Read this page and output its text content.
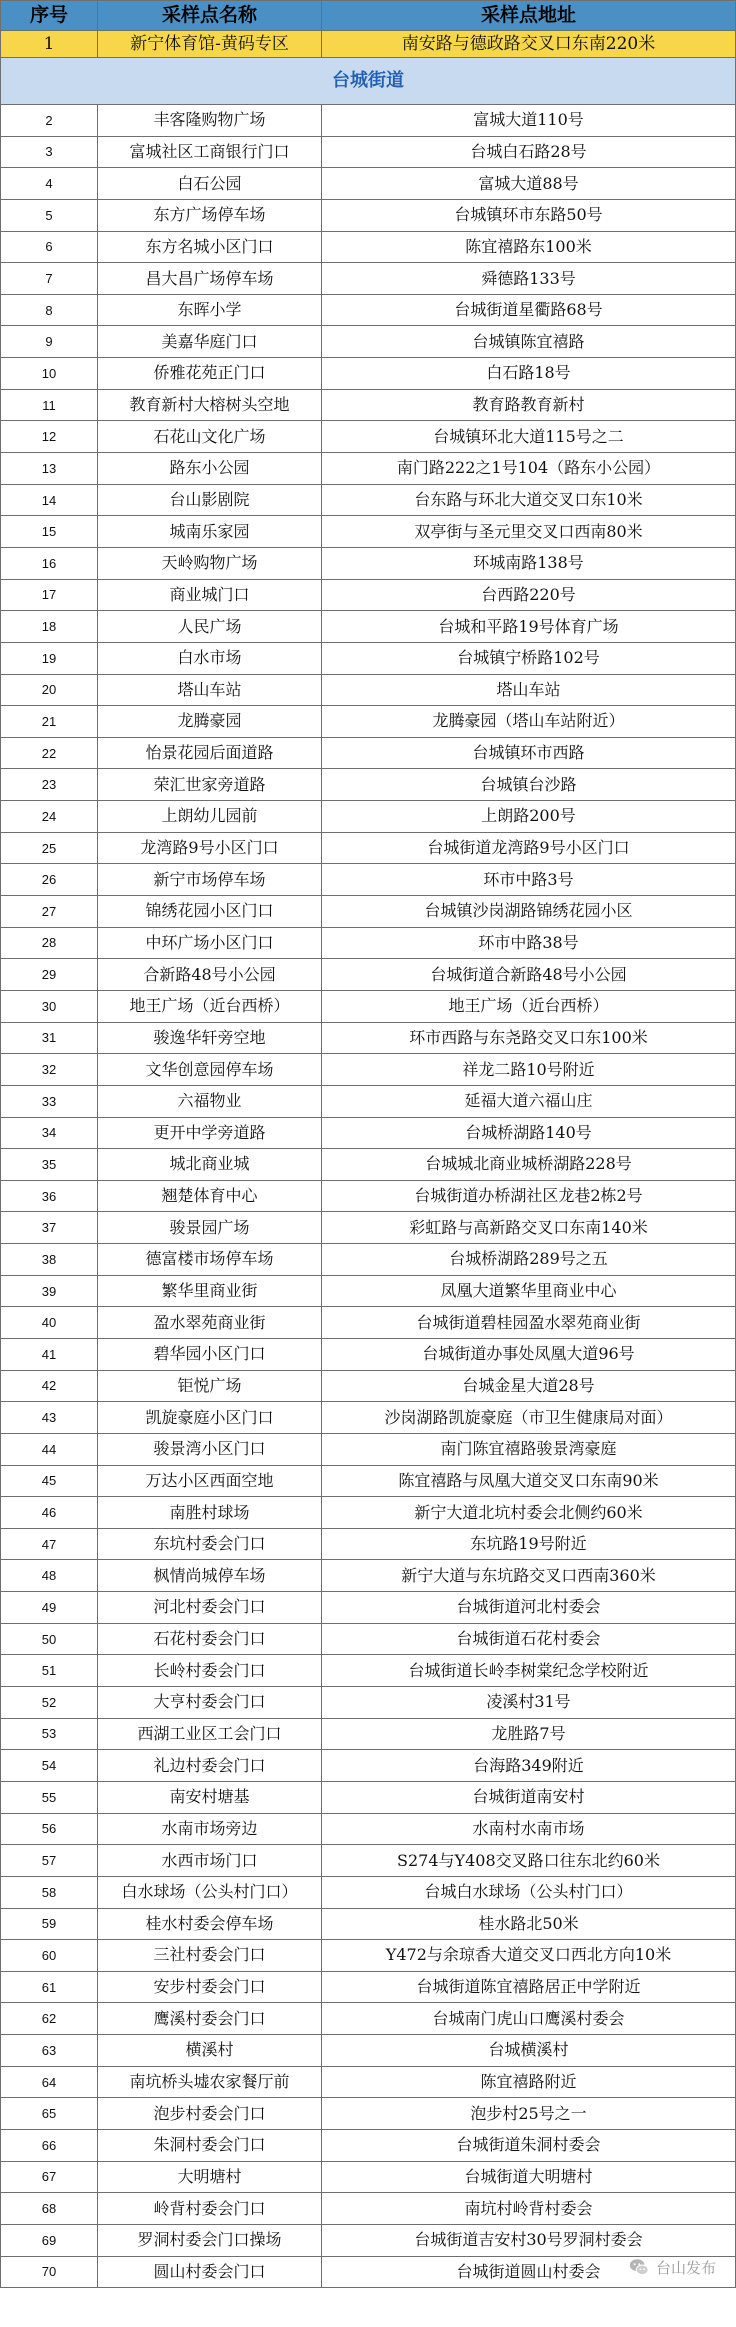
序号	采样点名称	采样点地址
1	新宁体育馆-黄码专区	南安路与德政路交叉口东南220米
台城街道		
2	丰客隆购物广场	富城大道110号
3	富城社区工商银行门口	台城白石路28号
4	白石公园	富城大道88号
5	东方广场停车场	台城镇环市东路50号
6	东方名城小区门口	陈宜禧路东100米
7	昌大昌广场停车场	舜德路133号
8	东晖小学	台城街道星衢路68号
9	美嘉华庭门口	台城镇陈宜禧路
10	侨雅花苑正门口	白石路18号
11	教育新村大榕树头空地	教育路教育新村
12	石花山文化广场	台城镇环北大道115号之二
13	路东小公园	南门路222之1号104（路东小公园）
14	台山影剧院	台东路与环北大道交叉口东10米
15	城南乐家园	双亭街与圣元里交叉口西南80米
16	天岭购物广场	环城南路138号
17	商业城门口	台西路220号
18	人民广场	台城和平路19号体育广场
19	白水市场	台城镇宁桥路102号
20	塔山车站	塔山车站
21	龙腾豪园	龙腾豪园（塔山车站附近）
22	怡景花园后面道路	台城镇环市西路
23	荣汇世家旁道路	台城镇台沙路
24	上朗幼儿园前	上朗路200号
25	龙湾路9号小区门口	台城街道龙湾路9号小区门口
26	新宁市场停车场	环市中路3号
27	锦绣花园小区门口	台城镇沙岗湖路锦绣花园小区
28	中环广场小区门口	环市中路38号
29	合新路48号小公园	台城街道合新路48号小公园
30	地王广场（近台西桥）	地王广场（近台西桥）
31	骏逸华轩旁空地	环市西路与东尧路交叉口东100米
32	文华创意园停车场	祥龙二路10号附近
33	六福物业	延福大道六福山庄
34	更开中学旁道路	台城桥湖路140号
35	城北商业城	台城城北商业城桥湖路228号
36	翘楚体育中心	台城街道办桥湖社区龙巷2栋2号
37	骏景园广场	彩虹路与高新路交叉口东南140米
38	德富楼市场停车场	台城桥湖路289号之五
39	繁华里商业街	凤凰大道繁华里商业中心
40	盈水翠苑商业街	台城街道碧桂园盈水翠苑商业街
41	碧华园小区门口	台城街道办事处凤凰大道96号
42	钜悦广场	台城金星大道28号
43	凯旋豪庭小区门口	沙岗湖路凯旋豪庭（市卫生健康局对面）
44	骏景湾小区门口	南门陈宜禧路骏景湾豪庭
45	万达小区西面空地	陈宜禧路与凤凰大道交叉口东南90米
46	南胜村球场	新宁大道北坑村委会北侧约60米
47	东坑村委会门口	东坑路19号附近
48	枫情尚城停车场	新宁大道与东坑路交叉口西南360米
49	河北村委会门口	台城街道河北村委会
50	石花村委会门口	台城街道石花村委会
51	长岭村委会门口	台城街道长岭李树棠纪念学校附近
52	大亨村委会门口	凌溪村31号
53	西湖工业区工会门口	龙胜路7号
54	礼边村委会门口	台海路349附近
55	南安村塘基	台城街道南安村
56	水南市场旁边	水南村水南市场
57	水西市场门口	S274与Y408交叉路口往东北约60米
58	白水球场（公头村门口）	台城白水球场（公头村门口）
59	桂水村委会停车场	桂水路北50米
60	三社村委会门口	Y472与余琼香大道交叉口西北方向10米
61	安步村委会门口	台城街道陈宜禧路居正中学附近
62	鹰溪村委会门口	台城南门虎山口鹰溪村委会
63	横溪村	台城横溪村
64	南坑桥头墟农家餐厅前	陈宜禧路附近
65	泡步村委会门口	泡步村25号之一
66	朱洞村委会门口	台城街道朱洞村委会
67	大明塘村	台城街道大明塘村
68	岭背村委会门口	南坑村岭背村委会
69	罗洞村委会门口操场	台城街道吉安村30号罗洞村委会
70	圆山村委会门口	台城街道圆山村委会	台山发布
